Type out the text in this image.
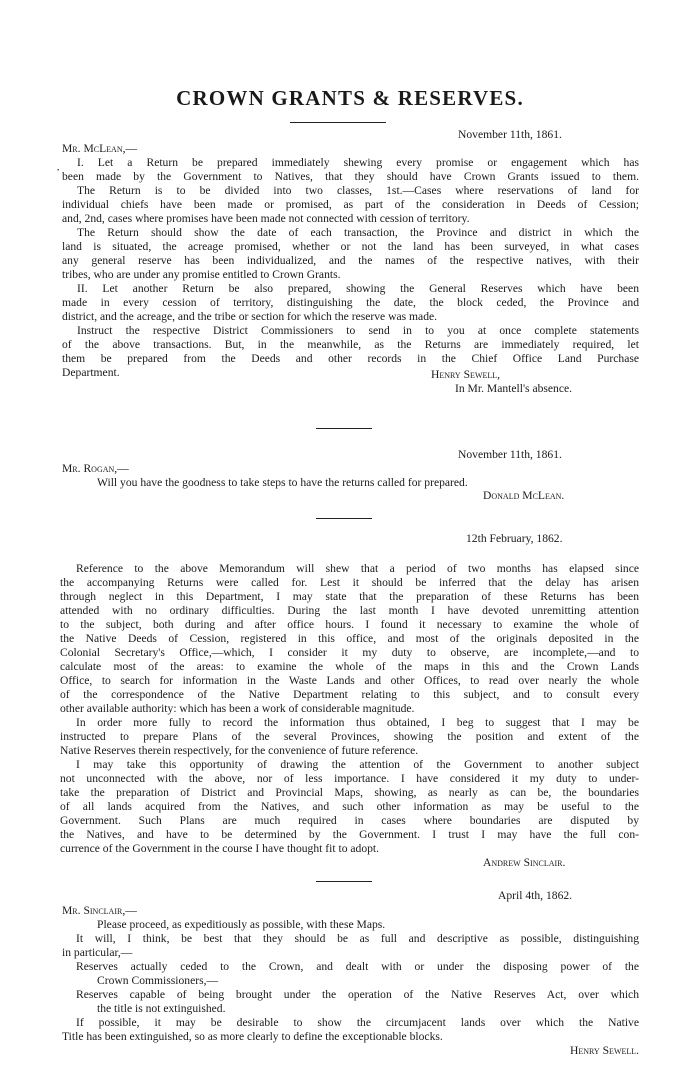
CROWN GRANTS & RESERVES.
November 11th, 1861.
Mr. McLean,—
I. Let a Return be prepared immediately shewing every promise or engagement which has
been made by the Government to Natives, that they should have Crown Grants issued to them.
The Return is to be divided into two classes, 1st.—Cases where reservations of land for
individual chiefs have been made or promised, as part of the consideration in Deeds of Cession;
and, 2nd, cases where promises have been made not connected with cession of territory.
The Return should show the date of each transaction, the Province and district in which the
land is situated, the acreage promised, whether or not the land has been surveyed, in what cases
any general reserve has been individualized, and the names of the respective natives, with their
tribes, who are under any promise entitled to Crown Grants.
II. Let another Return be also prepared, showing the General Reserves which have been
made in every cession of territory, distinguishing the date, the block ceded, the Province and
district, and the acreage, and the tribe or section for which the reserve was made.
Instruct the respective District Commissioners to send in to you at once complete statements
of the above transactions. But, in the meanwhile, as the Returns are immediately required, let
them be prepared from the Deeds and other records in the Chief Office Land Purchase
Department.
·
Henry Sewell,
In Mr. Mantell's absence.
November 11th, 1861.
Mr. Rogan,—
Will you have the goodness to take steps to have the returns called for prepared.
Donald McLean.
12th February, 1862.
Reference to the above Memorandum will shew that a period of two months has elapsed since
the accompanying Returns were called for. Lest it should be inferred that the delay has arisen
through neglect in this Department, I may state that the preparation of these Returns has been
attended with no ordinary difficulties. During the last month I have devoted unremitting attention
to the subject, both during and after office hours. I found it necessary to examine the whole of
the Native Deeds of Cession, registered in this office, and most of the originals deposited in the
Colonial Secretary's Office,—which, I consider it my duty to observe, are incomplete,—and to
calculate most of the areas: to examine the whole of the maps in this and the Crown Lands
Office, to search for information in the Waste Lands and other Offices, to read over nearly the whole
of the correspondence of the Native Department relating to this subject, and to consult every
other available authority: which has been a work of considerable magnitude.
In order more fully to record the information thus obtained, I beg to suggest that I may be
instructed to prepare Plans of the several Provinces, showing the position and extent of the
Native Reserves therein respectively, for the convenience of future reference.
I may take this opportunity of drawing the attention of the Government to another subject
not unconnected with the above, nor of less importance. I have considered it my duty to under-
take the preparation of District and Provincial Maps, showing, as nearly as can be, the boundaries
of all lands acquired from the Natives, and such other information as may be useful to the
Government. Such Plans are much required in cases where boundaries are disputed by
the Natives, and have to be determined by the Government. I trust I may have the full con-
currence of the Government in the course I have thought fit to adopt.
Andrew Sinclair.
April 4th, 1862.
Mr. Sinclair,—
Please proceed, as expeditiously as possible, with these Maps.
It will, I think, be best that they should be as full and descriptive as possible, distinguishing
in particular,—
Reserves actually ceded to the Crown, and dealt with or under the disposing power of the
Crown Commissioners,—
Reserves capable of being brought under the operation of the Native Reserves Act, over which
the title is not extinguished.
If possible, it may be desirable to show the circumjacent lands over which the Native
Title has been extinguished, so as more clearly to define the exceptionable blocks.
Henry Sewell.
